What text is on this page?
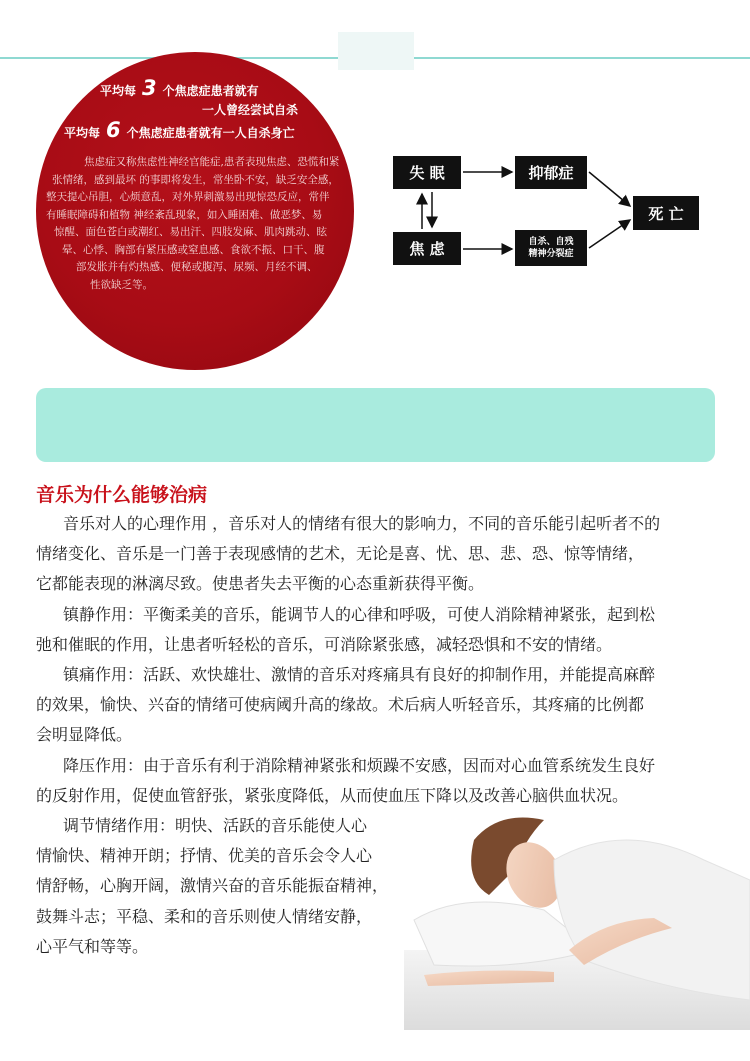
平均每 3 个焦虑症患者就有
一人曾经尝试自杀
平均每 6 个焦虑症患者就有一人自杀身亡
焦虑症又称焦虑性神经官能症,患者表现焦虑、恐慌和紧
张情绪，感到最坏 的事即将发生，常坐卧不安，缺乏安全感，
整天提心吊胆，心烦意乱，对外界刺激易出现惊恐反应，常伴
有睡眠障碍和植物 神经紊乱现象，如入睡困难、做恶梦、易
惊醒、面色苍白或潮红、易出汗、四肢发麻、肌肉跳动、眩
晕、心悸、胸部有紧压感或窒息感、食欲不振、口干、腹
部发胀并有灼热感、便秘或腹泻、尿频、月经不调、
性欲缺乏等。
失 眠	抑郁症
焦 虑	自杀、自残
精神分裂症
死 亡
音乐为什么能够治病
音乐对人的心理作用 ，音乐对人的情绪有很大的影响力，不同的音乐能引起听者不的
情绪变化、音乐是一门善于表现感情的艺术，无论是喜、忧、思、悲、恐、惊等情绪，
它都能表现的淋漓尽致。使患者失去平衡的心态重新获得平衡。
镇静作用：平衡柔美的音乐，能调节人的心律和呼吸，可使人消除精神紧张，起到松
弛和催眠的作用，让患者听轻松的音乐，可消除紧张感，减轻恐惧和不安的情绪。
镇痛作用：活跃、欢快雄壮、激情的音乐对疼痛具有良好的抑制作用，并能提高麻醉
的效果，愉快、兴奋的情绪可使病阈升高的缘故。术后病人听轻音乐，其疼痛的比例都
会明显降低。
降压作用：由于音乐有利于消除精神紧张和烦躁不安感，因而对心血管系统发生良好
的反射作用，促使血管舒张，紧张度降低，从而使血压下降以及改善心脑供血状况。
调节情绪作用：明快、活跃的音乐能使人心
情愉快、精神开朗；抒情、优美的音乐会令人心
情舒畅，心胸开阔，激情兴奋的音乐能振奋精神，
鼓舞斗志；平稳、柔和的音乐则使人情绪安静，
心平气和等等。
